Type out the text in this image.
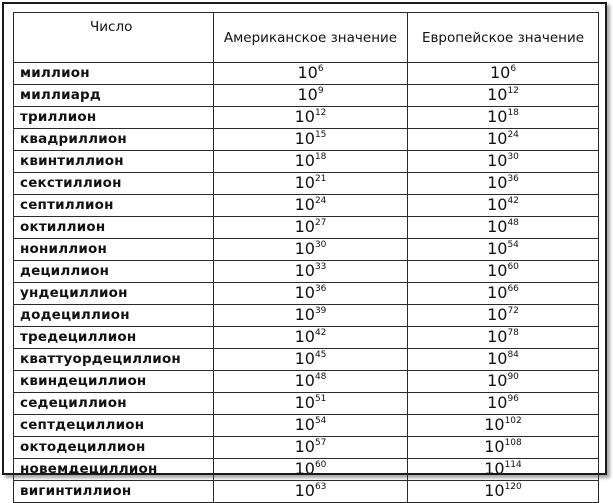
Число	Американское значение	Европейское значение
миллион	$10^6$	$10^6$
миллиард	$10^9$	$10^{12}$
триллион	$10^{12}$	$10^{18}$
квадриллион	$10^{15}$	$10^{24}$
квинтиллион	$10^{18}$	$10^{30}$
секстиллион	$10^{21}$	$10^{36}$
септиллион	$10^{24}$	$10^{42}$
октиллион	$10^{27}$	$10^{48}$
нониллион	$10^{30}$	$10^{54}$
дециллион	$10^{33}$	$10^{60}$
ундециллион	$10^{36}$	$10^{66}$
додециллион	$10^{39}$	$10^{72}$
тредециллион	$10^{42}$	$10^{78}$
кваттуордециллион	$10^{45}$	$10^{84}$
квиндециллион	$10^{48}$	$10^{90}$
седециллион	$10^{51}$	$10^{96}$
септдециллион	$10^{54}$	$10^{102}$
октодециллион	$10^{57}$	$10^{108}$
новемдециллион	$10^{60}$	$10^{114}$
вигинтиллион	$10^{63}$	$10^{120}$
